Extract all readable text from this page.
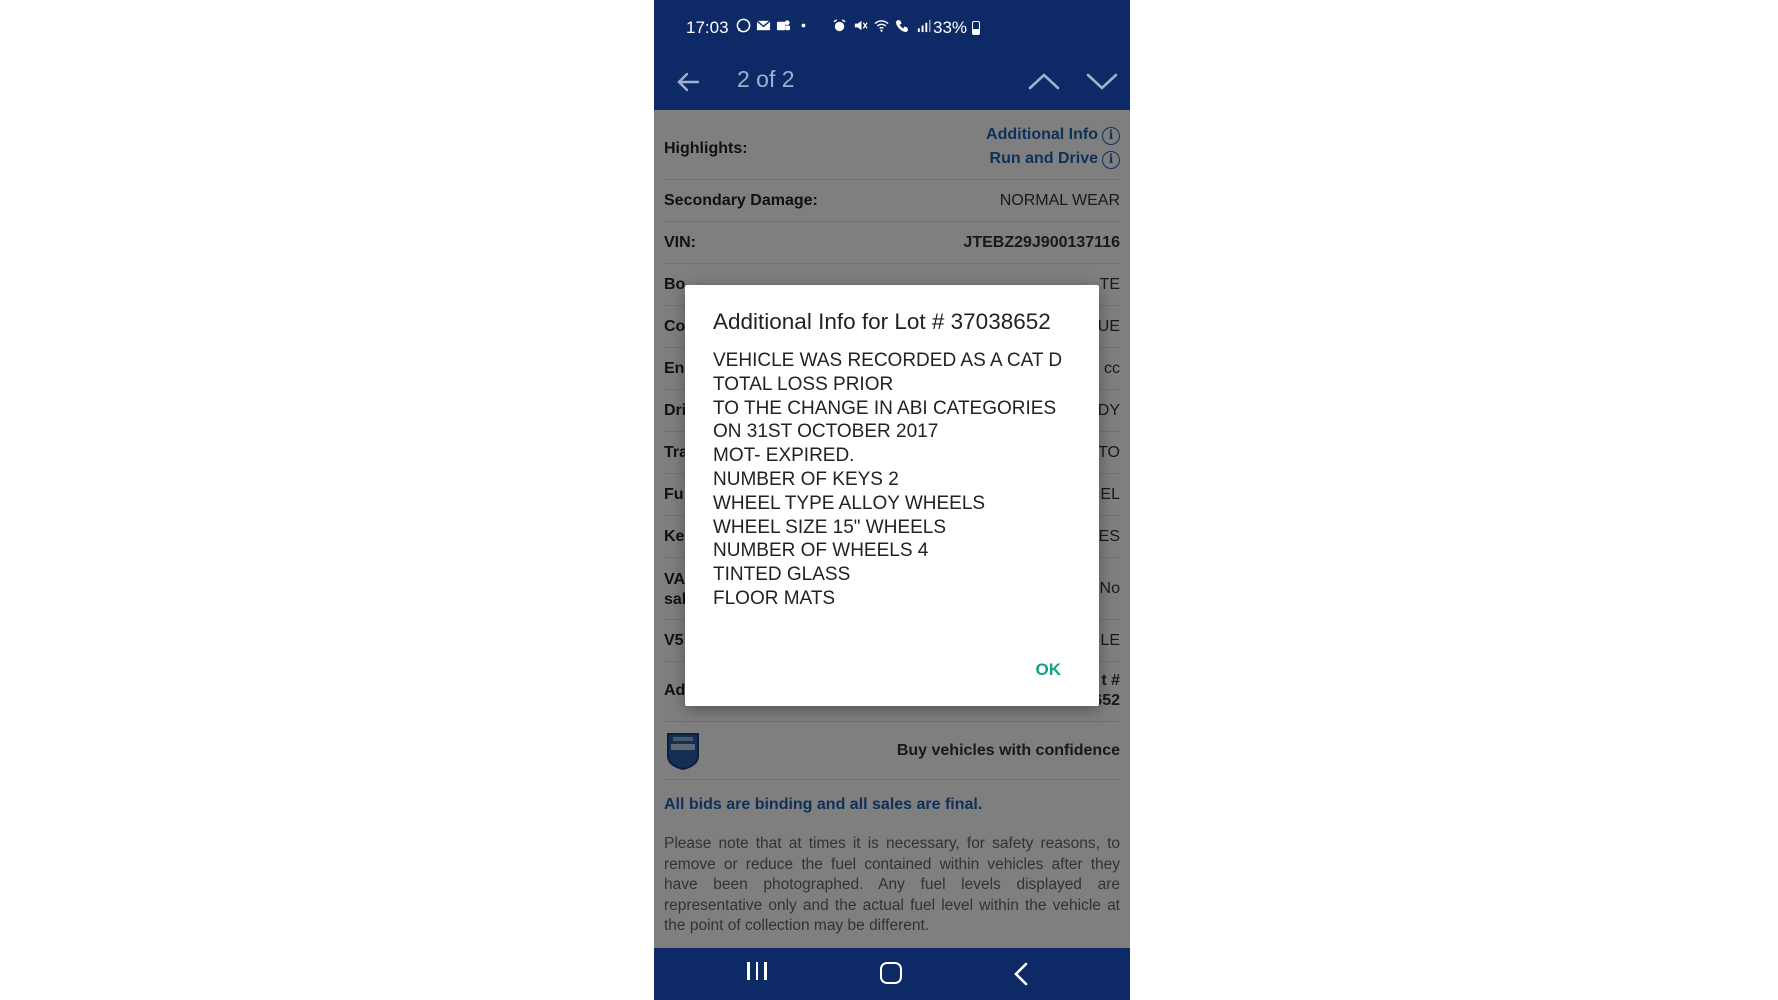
17:03	33%
2 of 2

Additional Info for Lot # 37038652
VEHICLE WAS RECORDED AS A CAT D
TOTAL LOSS PRIOR
TO THE CHANGE IN ABI CATEGORIES
ON 31ST OCTOBER 2017
MOT- EXPIRED.
NUMBER OF KEYS 2
WHEEL TYPE ALLOY WHEELS
WHEEL SIZE 15" WHEELS
NUMBER OF WHEELS 4
TINTED GLASS
FLOOR MATS
OK
